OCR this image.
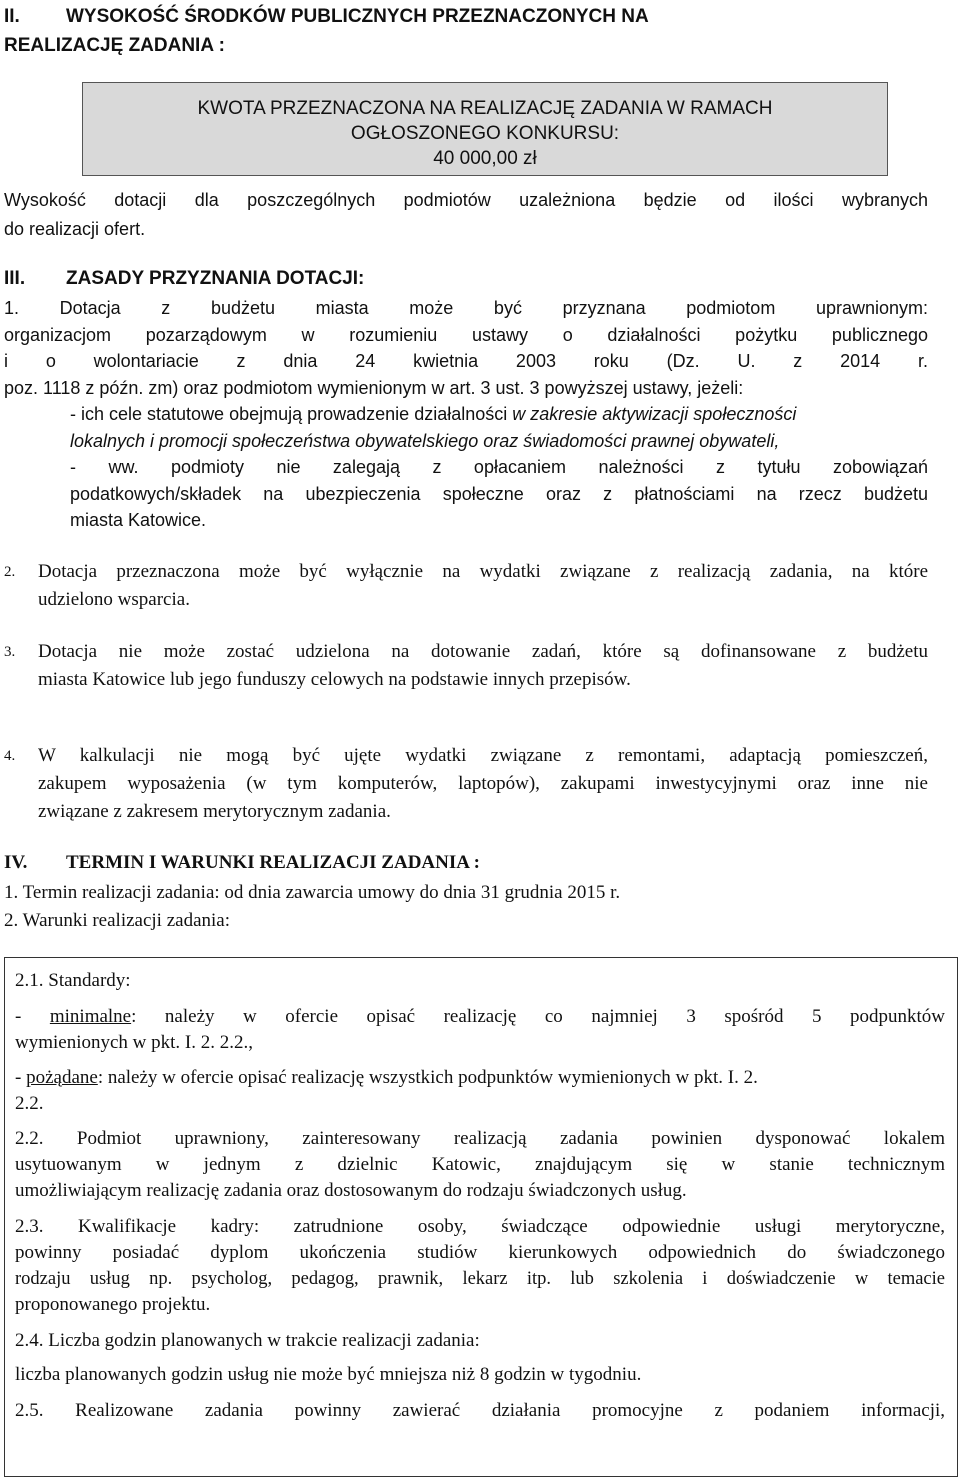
II. WYSOKOŚĆ ŚRODKÓW PUBLICZNYCH PRZEZNACZONYCH NA
REALIZACJĘ ZADANIA :
KWOTA PRZEZNACZONA NA REALIZACJĘ ZADANIA W RAMACH
OGŁOSZONEGO KONKURSU:
40 000,00 zł
Wysokość dotacji dla poszczególnych podmiotów uzależniona będzie od ilości wybranych
do realizacji ofert.
III. ZASADY PRZYZNANIA DOTACJI:
1. Dotacja z budżetu miasta może być przyznana podmiotom uprawnionym:
organizacjom pozarządowym w rozumieniu ustawy o działalności pożytku publicznego
i o wolontariacie z dnia 24 kwietnia 2003 roku (Dz. U. z 2014 r.
poz. 1118 z późn. zm) oraz podmiotom wymienionym w art. 3 ust. 3 powyższej ustawy, jeżeli:
- ich cele statutowe obejmują prowadzenie działalności w zakresie aktywizacji społeczności
lokalnych i promocji społeczeństwa obywatelskiego oraz świadomości prawnej obywateli,
- ww. podmioty nie zalegają z opłacaniem należności z tytułu zobowiązań
podatkowych/składek na ubezpieczenia społeczne oraz z płatnościami na rzecz budżetu
miasta Katowice.
2.	Dotacja przeznaczona może być wyłącznie na wydatki związane z realizacją zadania, na które
udzielono wsparcia.
3.	Dotacja nie może zostać udzielona na dotowanie zadań, które są dofinansowane z budżetu
miasta Katowice lub jego funduszy celowych na podstawie innych przepisów.
4.	W kalkulacji nie mogą być ujęte wydatki związane z remontami, adaptacją pomieszczeń,
zakupem wyposażenia (w tym komputerów, laptopów), zakupami inwestycyjnymi oraz inne nie
związane z zakresem merytorycznym zadania.
IV. TERMIN I WARUNKI REALIZACJI ZADANIA :
1. Termin realizacji zadania: od dnia zawarcia umowy do dnia 31 grudnia 2015 r.
2. Warunki realizacji zadania:
2.1. Standardy:
- minimalne: należy w ofercie opisać realizację co najmniej 3 spośród 5 podpunktów
wymienionych w pkt. I. 2. 2.2.,
- pożądane: należy w ofercie opisać realizację wszystkich podpunktów wymienionych w pkt. I. 2.
2.2.
2.2. Podmiot uprawniony, zainteresowany realizacją zadania powinien dysponować lokalem
usytuowanym w jednym z dzielnic Katowic, znajdującym się w stanie technicznym
umożliwiającym realizację zadania oraz dostosowanym do rodzaju świadczonych usług.
2.3. Kwalifikacje kadry: zatrudnione osoby, świadczące odpowiednie usługi merytoryczne,
powinny posiadać dyplom ukończenia studiów kierunkowych odpowiednich do świadczonego
rodzaju usług np. psycholog, pedagog, prawnik, lekarz itp. lub szkolenia i doświadczenie w temacie
proponowanego projektu.
2.4. Liczba godzin planowanych w trakcie realizacji zadania:
liczba planowanych godzin usług nie może być mniejsza niż 8 godzin w tygodniu.
2.5. Realizowane zadania powinny zawierać działania promocyjne z podaniem informacji,
